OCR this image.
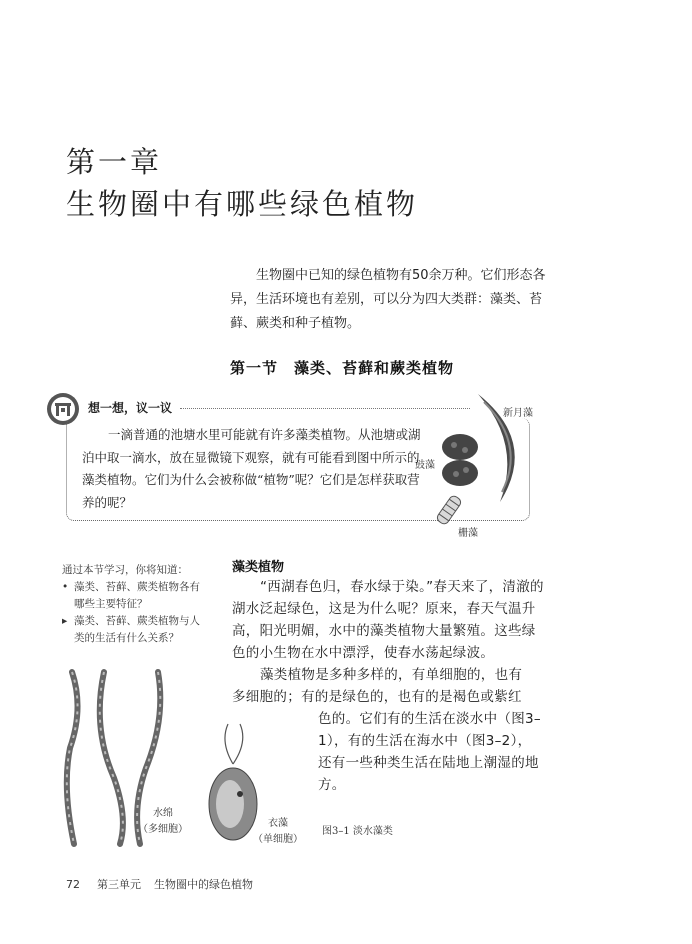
第一章
生物圈中有哪些绿色植物
生物圈中已知的绿色植物有50余万种。它们形态各异，生活环境也有差别，可以分为四大类群：藻类、苔藓、蕨类和种子植物。
第一节　藻类、苔藓和蕨类植物
想一想，议一议
一滴普通的池塘水里可能就有许多藻类植物。从池塘或湖泊中取一滴水，放在显微镜下观察，就有可能看到图中所示的藻类植物。它们为什么会被称做“植物”呢？它们是怎样获取营养的呢？
新月藻
鼓藻
栅藻
通过本节学习，你将知道：
• 藻类、苔藓、蕨类植物各有哪些主要特征？
▸ 藻类、苔藓、蕨类植物与人类的生活有什么关系？
藻类植物
“西湖春色归，春水绿于染。”春天来了，清澈的湖水泛起绿色，这是为什么呢？原来，春天气温升高，阳光明媚，水中的藻类植物大量繁殖。这些绿色的小生物在水中漂浮，使春水荡起绿波。
藻类植物是多种多样的，有单细胞的，也有
多细胞的；有的是绿色的，也有的是褐色或紫红
色的。它们有的生活在淡水中（图3–1），有的生活在海水中（图3–2），还有一些种类生活在陆地上潮湿的地方。
水绵
（多细胞）
衣藻
（单细胞）
图3–1 淡水藻类
72 第三单元 生物圈中的绿色植物
